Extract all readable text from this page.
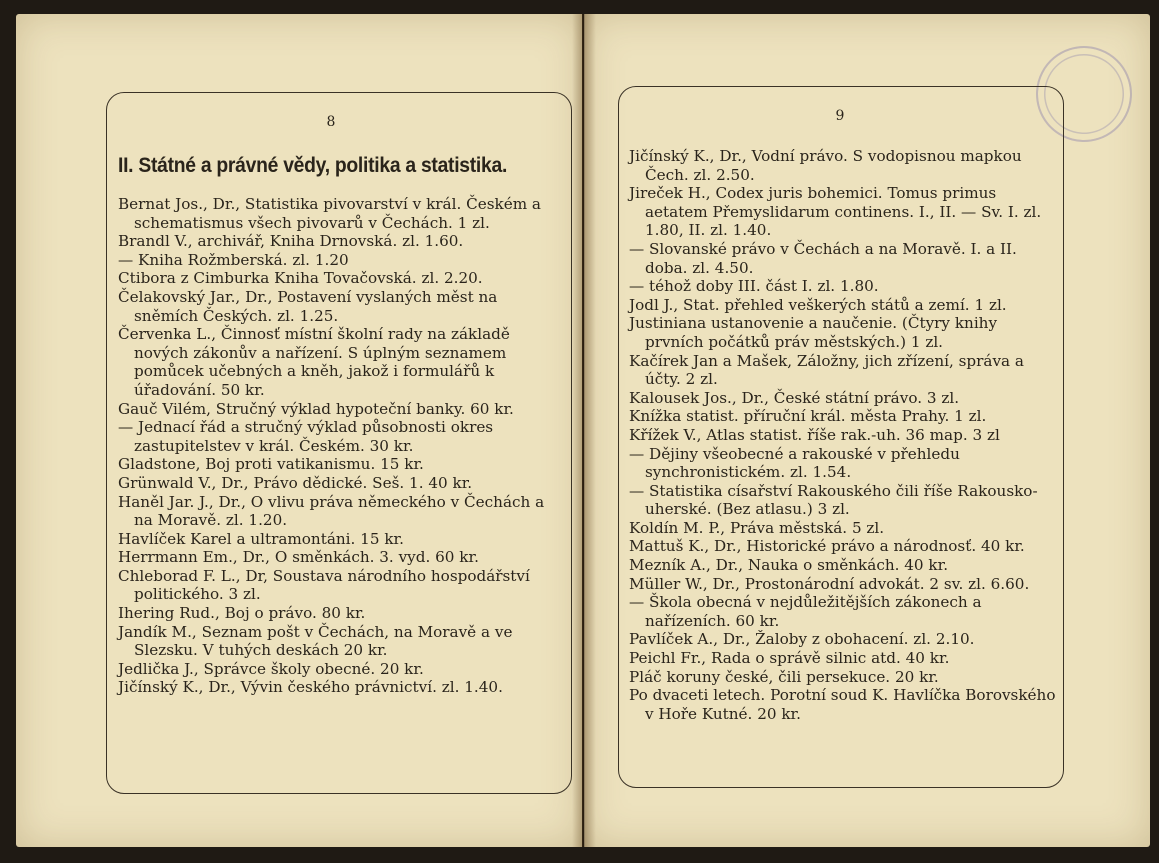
8
II. Státné a právné vědy, politika a statistika.
Bernat Jos., Dr., Statistika pivovarství v král. Českém a schematismus všech pivovarů v Čechách. 1 zl.
Brandl V., archivář, Kniha Drnovská. zl. 1.60.
— Kniha Rožmberská. zl. 1.20
Ctibora z Cimburka Kniha Tovačovská. zl. 2.20.
Čelakovský Jar., Dr., Postavení vyslaných měst na sněmích Českých. zl. 1.25.
Červenka L., Činnosť místní školní rady na základě nových zákonův a nařízení. S úplným seznamem pomůcek učebných a kněh, jakož i formulářů k úřadování. 50 kr.
Gauč Vilém, Stručný výklad hypoteční banky. 60 kr.
— Jednací řád a stručný výklad působnosti okres zastupitelstev v král. Českém. 30 kr.
Gladstone, Boj proti vatikanismu. 15 kr.
Grünwald V., Dr., Právo dědické. Seš. 1. 40 kr.
Haněl Jar. J., Dr., O vlivu práva německého v Čechách a na Moravě. zl. 1.20.
Havlíček Karel a ultramontáni. 15 kr.
Herrmann Em., Dr., O směnkách. 3. vyd. 60 kr.
Chleborad F. L., Dr, Soustava národního hospodářství politického. 3 zl.
Ihering Rud., Boj o právo. 80 kr.
Jandík M., Seznam pošt v Čechách, na Moravě a ve Slezsku. V tuhých deskách 20 kr.
Jedlička J., Správce školy obecné. 20 kr.
Jičínský K., Dr., Vývin českého právnictví. zl. 1.40.
9
Jičínský K., Dr., Vodní právo. S vodopisnou mapkou Čech. zl. 2.50.
Jireček H., Codex juris bohemici. Tomus primus aetatem Přemyslidarum continens. I., II. — Sv. I. zl. 1.80, II. zl. 1.40.
— Slovanské právo v Čechách a na Moravě. I. a II. doba. zl. 4.50.
— téhož doby III. část I. zl. 1.80.
Jodl J., Stat. přehled veškerých států a zemí. 1 zl.
Justiniana ustanovenie a naučenie. (Čtyry knihy prvních počátků práv městských.) 1 zl.
Kačírek Jan a Mašek, Záložny, jich zřízení, správa a účty. 2 zl.
Kalousek Jos., Dr., České státní právo. 3 zl.
Knížka statist. příruční král. města Prahy. 1 zl.
Křížek V., Atlas statist. říše rak.-uh. 36 map. 3 zl
— Dějiny všeobecné a rakouské v přehledu synchronistickém. zl. 1.54.
— Statistika císařství Rakouského čili říše Rakousko-uherské. (Bez atlasu.) 3 zl.
Koldín M. P., Práva městská. 5 zl.
Mattuš K., Dr., Historické právo a národnosť. 40 kr.
Mezník A., Dr., Nauka o směnkách. 40 kr.
Müller W., Dr., Prostonárodní advokát. 2 sv. zl. 6.60.
— Škola obecná v nejdůležitějších zákonech a nařízeních. 60 kr.
Pavlíček A., Dr., Žaloby z obohacení. zl. 2.10.
Peichl Fr., Rada o správě silnic atd. 40 kr.
Pláč koruny české, čili persekuce. 20 kr.
Po dvaceti letech. Porotní soud K. Havlíčka Borovského v Hoře Kutné. 20 kr.
